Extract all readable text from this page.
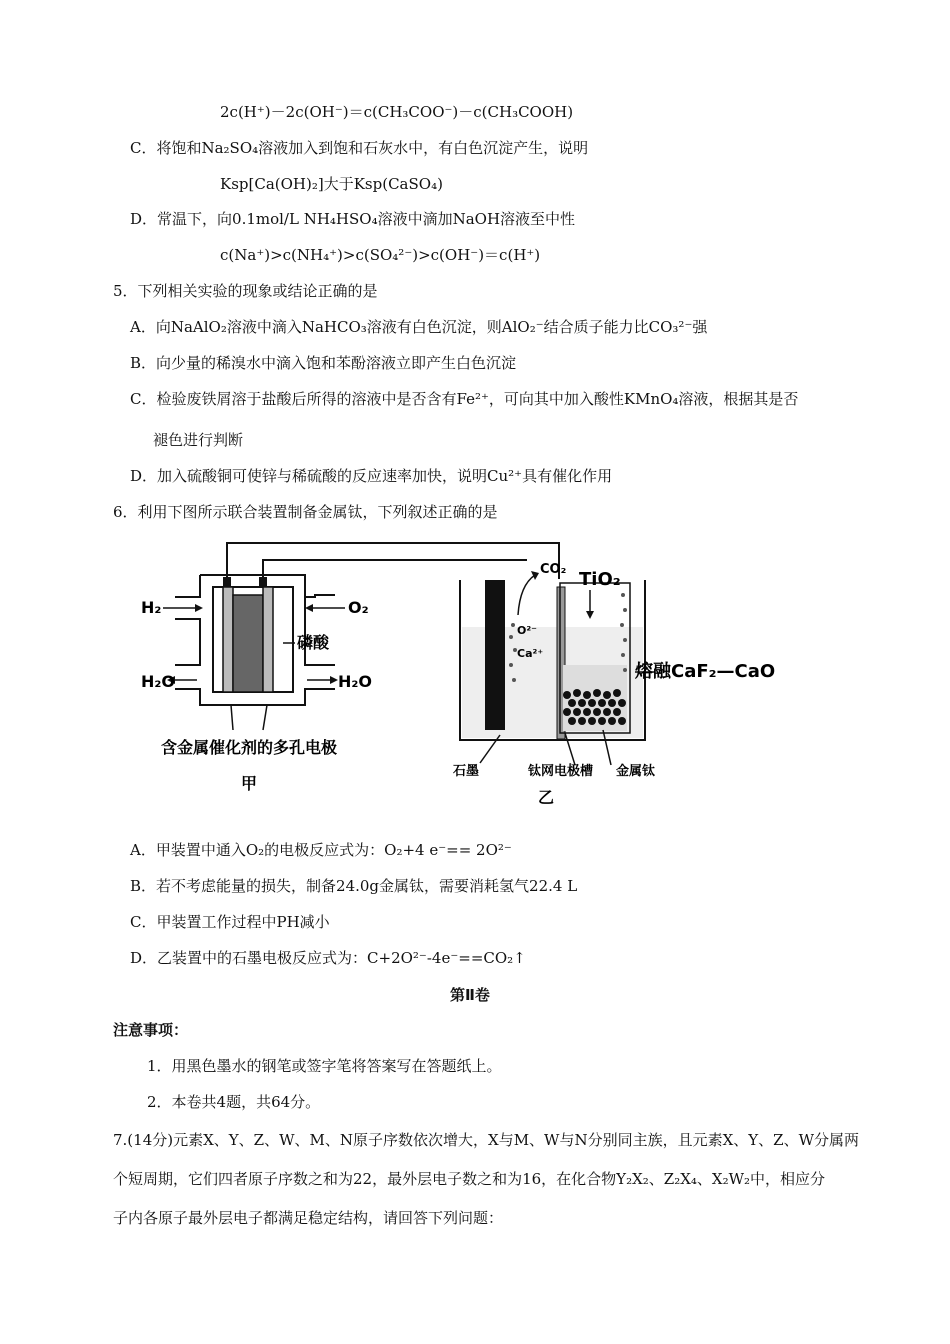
2c(H⁺)－2c(OH⁻)＝c(CH₃COO⁻)－c(CH₃COOH)
C．将饱和Na₂SO₄溶液加入到饱和石灰水中，有白色沉淀产生，说明
Ksp[Ca(OH)₂]大于Ksp(CaSO₄)
D．常温下，向0.1mol/L NH₄HSO₄溶液中滴加NaOH溶液至中性
c(Na⁺)>c(NH₄⁺)>c(SO₄²⁻)>c(OH⁻)＝c(H⁺)
5．下列相关实验的现象或结论正确的是
A．向NaAlO₂溶液中滴入NaHCO₃溶液有白色沉淀，则AlO₂⁻结合质子能力比CO₃²⁻强
B．向少量的稀溴水中滴入饱和苯酚溶液立即产生白色沉淀
C．检验废铁屑溶于盐酸后所得的溶液中是否含有Fe²⁺，可向其中加入酸性KMnO₄溶液，根据其是否
褪色进行判断
D．加入硫酸铜可使锌与稀硫酸的反应速率加快，说明Cu²⁺具有催化作用
6．利用下图所示联合装置制备金属钛，下列叙述正确的是
H₂	O₂
H₂O	H₂O
磷酸
含金属催化剂的多孔电极
甲
CO₂ TiO₂
O²⁻
Ca²⁺
熔融CaF₂—CaO
石墨	钛网电极槽 金属钛
乙
A．甲装置中通入O₂的电极反应式为：O₂+4 e⁻== 2O²⁻
B．若不考虑能量的损失，制备24.0g金属钛，需要消耗氢气22.4 L
C．甲装置工作过程中PH减小
D．乙装置中的石墨电极反应式为：C+2O²⁻-4e⁻==CO₂↑
第Ⅱ卷
注意事项：
1．用黑色墨水的钢笔或签字笔将答案写在答题纸上。
2．本卷共4题，共64分。
7.(14分)元素X、Y、Z、W、M、N原子序数依次增大，X与M、W与N分别同主族，且元素X、Y、Z、W分属两
个短周期，它们四者原子序数之和为22，最外层电子数之和为16，在化合物Y₂X₂、Z₂X₄、X₂W₂中，相应分
子内各原子最外层电子都满足稳定结构，请回答下列问题：
